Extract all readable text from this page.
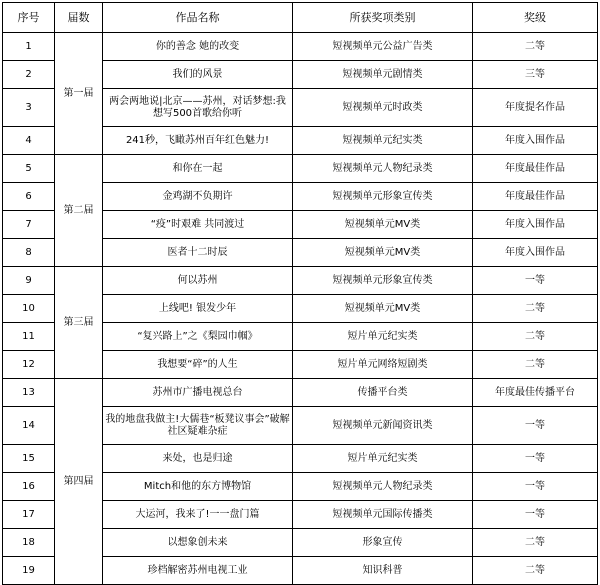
序号	届数	作品名称	所获奖项类别	奖级
1	第一届	你的善念 她的改变	短视频单元公益广告类	二等
2		我们的风景	短视频单元剧情类	三等
3		两会两地说|北京——苏州，对话梦想:我想写500首歌给你听	短视频单元时政类	年度提名作品
4		241秒，飞瞰苏州百年红色魅力!	短视频单元纪实类	年度入围作品
5	第二届	和你在一起	短视频单元人物纪录类	年度最佳作品
6		金鸡湖不负期许	短视频单元形象宣传类	年度最佳作品
7		“疫”时艰难 共同渡过	短视频单元MV类	年度入围作品
8		医者十二时辰	短视频单元MV类	年度入围作品
9	第三届	何以苏州	短视频单元形象宣传类	一等
10		上线吧! 银发少年	短视频单元MV类	二等
11		“复兴路上”之《梨园巾帼》	短片单元纪实类	二等
12		我想要“碎”的人生	短片单元网络短剧类	二等
13	第四届	苏州市广播电视总台	传播平台类	年度最佳传播平台
14		我的地盘我做主!大儒巷“板凳议事会”破解社区疑难杂症	短视频单元新闻资讯类	一等
15		来处，也是归途	短片单元纪实类	一等
16		Mitch和他的东方博物馆	短视频单元人物纪录类	一等
17		大运河，我来了!一一盘门篇	短视频单元国际传播类	一等
18		以想象创未来	形象宣传	二等
19		珍档解密苏州电视工业	知识科普	二等
